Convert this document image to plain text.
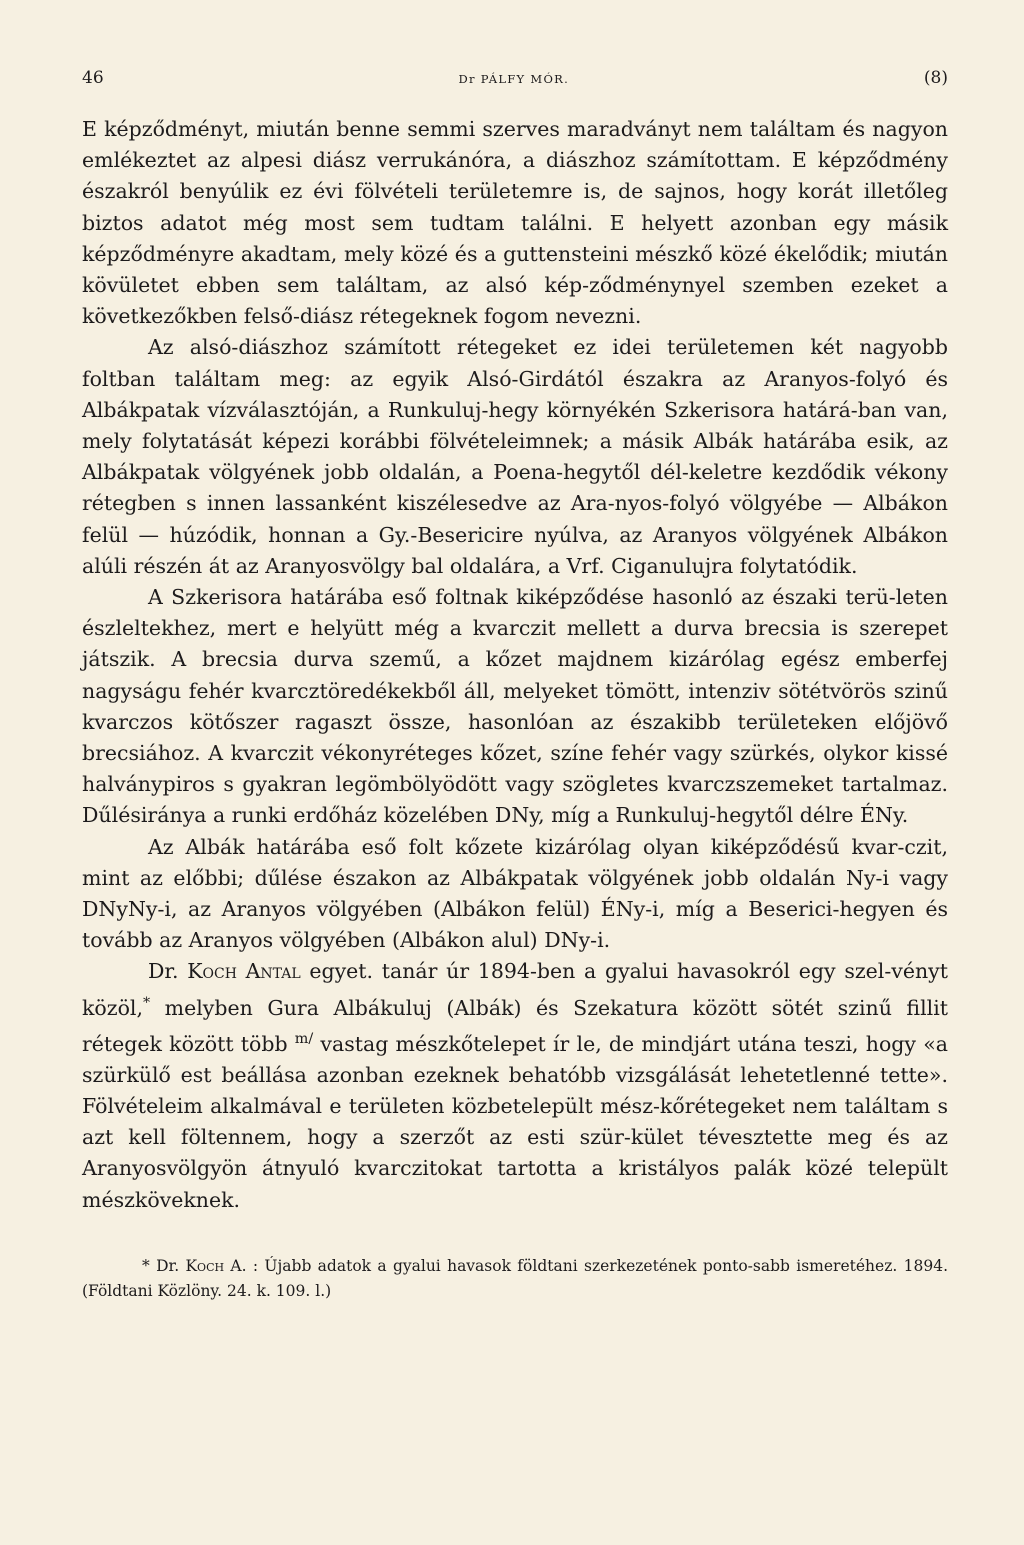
46	Dr PÁLFY MÓR.	(8)

E képződményt, miután benne semmi szerves maradványt nem találtam és nagyon emlékeztet az alpesi diász verrukánóra, a diászhoz számítottam. E képződmény északról benyúlik ez évi fölvételi területemre is, de sajnos, hogy korát illetőleg biztos adatot még most sem tudtam találni. E helyett azonban egy másik képződményre akadtam, mely közé és a guttensteini mészkő közé ékelődik; miután kövületet ebben sem találtam, az alsó kép-ződménynyel szemben ezeket a következőkben felső-diász rétegeknek fogom nevezni.

Az alsó-diászhoz számított rétegeket ez idei területemen két nagyobb foltban találtam meg: az egyik Alsó-Girdától északra az Aranyos-folyó és Albákpatak vízválasztóján, a Runkuluj-hegy környékén Szkerisora határá-ban van, mely folytatását képezi korábbi fölvételeimnek; a másik Albák határába esik, az Albákpatak völgyének jobb oldalán, a Poena-hegytől dél-keletre kezdődik vékony rétegben s innen lassanként kiszélesedve az Ara-nyos-folyó völgyébe — Albákon felül — húzódik, honnan a Gy.-Besericire nyúlva, az Aranyos völgyének Albákon alúli részén át az Aranyosvölgy bal oldalára, a Vrf. Ciganulujra folytatódik.

A Szkerisora határába eső foltnak kiképződése hasonló az északi terü-leten észleltekhez, mert e helyütt még a kvarczit mellett a durva brecsia is szerepet játszik. A brecsia durva szemű, a kőzet majdnem kizárólag egész emberfej nagyságu fehér kvarcztöredékekből áll, melyeket tömött, intenziv sötétvörös szinű kvarczos kötőszer ragaszt össze, hasonlóan az északibb területeken előjövő brecsiához. A kvarczit vékonyréteges kőzet, színe fehér vagy szürkés, olykor kissé halványpiros s gyakran legömbölyödött vagy szögletes kvarczszemeket tartalmaz. Dűlésiránya a runki erdőház közelében DNy, míg a Runkuluj-hegytől délre ÉNy.

Az Albák határába eső folt kőzete kizárólag olyan kiképződésű kvar-czit, mint az előbbi; dűlése északon az Albákpatak völgyének jobb oldalán Ny-i vagy DNyNy-i, az Aranyos völgyében (Albákon felül) ÉNy-i, míg a Beserici-hegyen és tovább az Aranyos völgyében (Albákon alul) DNy-i.

Dr. Koch Antal egyet. tanár úr 1894-ben a gyalui havasokról egy szel-vényt közöl,* melyben Gura Albákuluj (Albák) és Szekatura között sötét szinű fillit rétegek között több $^{m/}$ vastag mészkőtelepet ír le, de mindjárt utána teszi, hogy «a szürkülő est beállása azonban ezeknek behatóbb vizsgálását lehetetlenné tette». Fölvételeim alkalmával e területen közbetelepült mész-kőrétegeket nem találtam s azt kell föltennem, hogy a szerzőt az esti szür-kület tévesztette meg és az Aranyosvölgyön átnyuló kvarczitokat tartotta a kristályos palák közé települt mészköveknek.

* Dr. Koch A. : Újabb adatok a gyalui havasok földtani szerkezetének ponto-sabb ismeretéhez. 1894. (Földtani Közlöny. 24. k. 109. l.)
